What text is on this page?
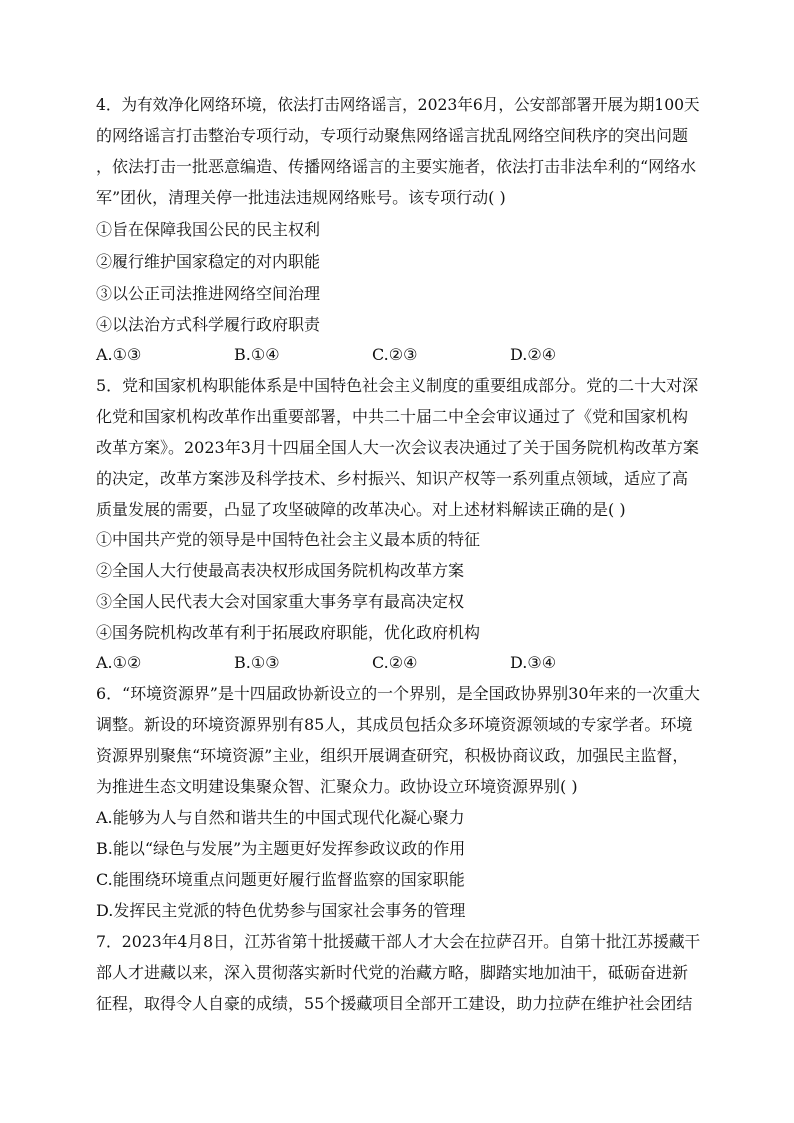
4．为有效净化网络环境，依法打击网络谣言，2023年6月，公安部部署开展为期100天
的网络谣言打击整治专项行动，专项行动聚焦网络谣言扰乱网络空间秩序的突出问题
，依法打击一批恶意编造、传播网络谣言的主要实施者，依法打击非法牟利的“网络水
军”团伙，清理关停一批违法违规网络账号。该专项行动( )
①旨在保障我国公民的民主权利
②履行维护国家稳定的对内职能
③以公正司法推进网络空间治理
④以法治方式科学履行政府职责
A.①③	B.①④	C.②③	D.②④
5．党和国家机构职能体系是中国特色社会主义制度的重要组成部分。党的二十大对深
化党和国家机构改革作出重要部署，中共二十届二中全会审议通过了《党和国家机构
改革方案》。2023年3月十四届全国人大一次会议表决通过了关于国务院机构改革方案
的决定，改革方案涉及科学技术、乡村振兴、知识产权等一系列重点领域，适应了高
质量发展的需要，凸显了攻坚破障的改革决心。对上述材料解读正确的是( )
①中国共产党的领导是中国特色社会主义最本质的特征
②全国人大行使最高表决权形成国务院机构改革方案
③全国人民代表大会对国家重大事务享有最高决定权
④国务院机构改革有利于拓展政府职能，优化政府机构
A.①②	B.①③	C.②④	D.③④
6．“环境资源界”是十四届政协新设立的一个界别，是全国政协界别30年来的一次重大
调整。新设的环境资源界别有85人，其成员包括众多环境资源领域的专家学者。环境
资源界别聚焦“环境资源”主业，组织开展调查研究，积极协商议政，加强民主监督，
为推进生态文明建设集聚众智、汇聚众力。政协设立环境资源界别( )
A.能够为人与自然和谐共生的中国式现代化凝心聚力
B.能以“绿色与发展”为主题更好发挥参政议政的作用
C.能围绕环境重点问题更好履行监督监察的国家职能
D.发挥民主党派的特色优势参与国家社会事务的管理
7．2023年4月8日，江苏省第十批援藏干部人才大会在拉萨召开。自第十批江苏援藏干
部人才进藏以来，深入贯彻落实新时代党的治藏方略，脚踏实地加油干，砥砺奋进新
征程，取得令人自豪的成绩，55个援藏项目全部开工建设，助力拉萨在维护社会团结
